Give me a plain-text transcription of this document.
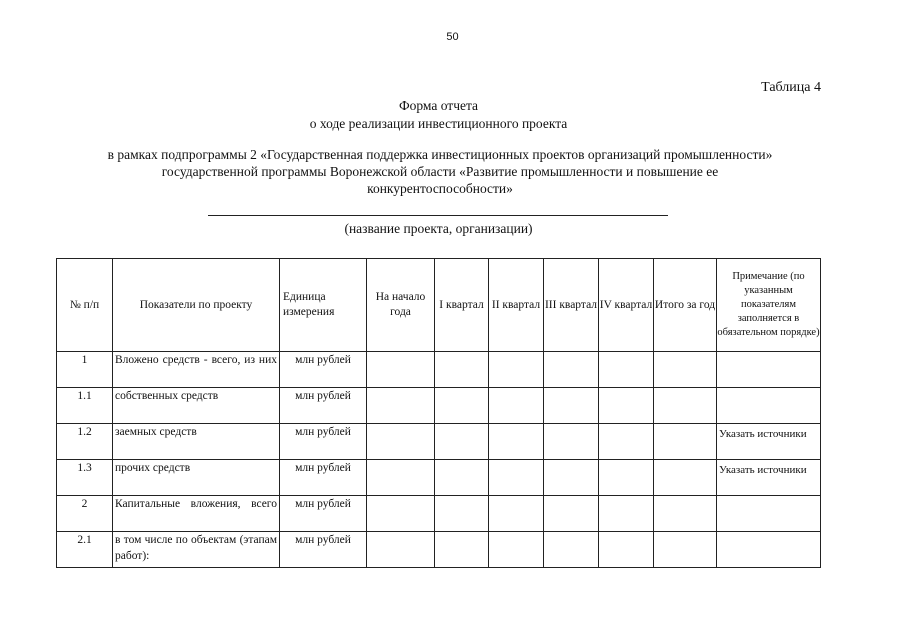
50
Таблица 4
Форма отчета
о ходе реализации инвестиционного проекта
в рамках подпрограммы 2 «Государственная поддержка инвестиционных проектов организаций промышленности»
государственной программы Воронежской области «Развитие промышленности и повышение ее
конкурентоспособности»
(название проекта, организации)
№ п/п	Показатели по проекту	Единица измерения	На начало года	I квартал	II квартал	III квартал	IV квартал	Итого за год	Примечание (по указанным показателям заполняется в обязательном порядке)
1	Вложено средств - всего, из них	млн рублей							
1.1	собственных средств	млн рублей							
1.2	заемных средств	млн рублей							Указать источники
1.3	прочих средств	млн рублей							Указать источники
2	Капитальные вложения, всего	млн рублей							
2.1	в том числе по объектам (этапам работ):	млн рублей							
